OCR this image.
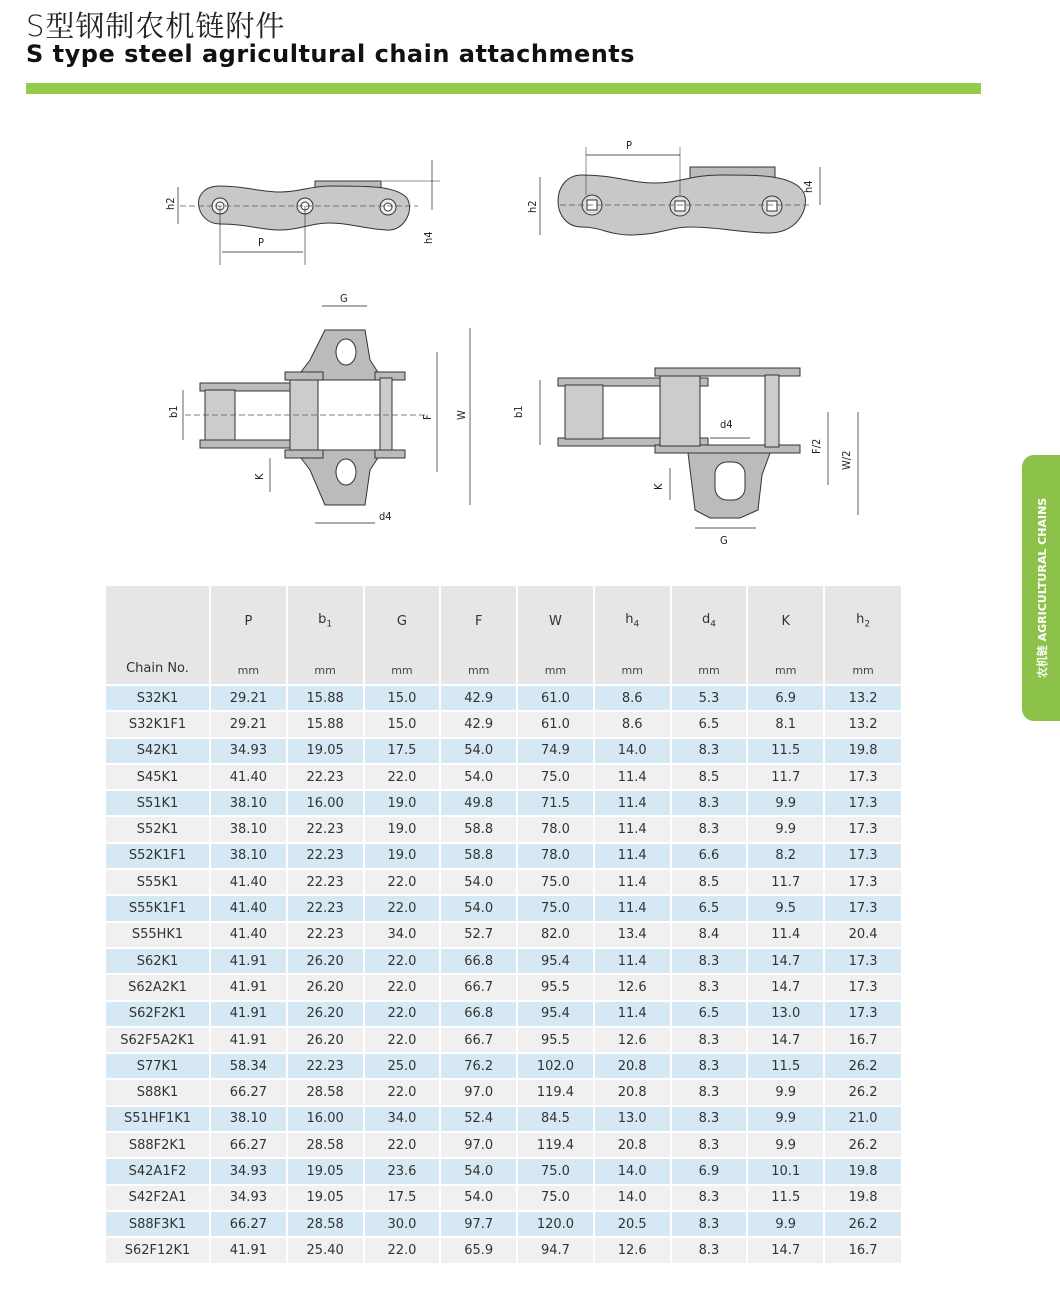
S型钢制农机链附件
S type steel agricultural chain attachments
农机链 AGRICULTURAL CHAINS
P
h2
h4
P
h2
h4
G
W
F
b1
K
d4
b1
d4
F/2
W/2
K
G
Chain No.	P	$b_1$	G	F	W	$h_4$	$d_4$	K	$h_2$
	mm	mm	mm	mm	mm	mm	mm	mm	mm
S32K1	29.21	15.88	15.0	42.9	61.0	8.6	5.3	6.9	13.2
S32K1F1	29.21	15.88	15.0	42.9	61.0	8.6	6.5	8.1	13.2
S42K1	34.93	19.05	17.5	54.0	74.9	14.0	8.3	11.5	19.8
S45K1	41.40	22.23	22.0	54.0	75.0	11.4	8.5	11.7	17.3
S51K1	38.10	16.00	19.0	49.8	71.5	11.4	8.3	9.9	17.3
S52K1	38.10	22.23	19.0	58.8	78.0	11.4	8.3	9.9	17.3
S52K1F1	38.10	22.23	19.0	58.8	78.0	11.4	6.6	8.2	17.3
S55K1	41.40	22.23	22.0	54.0	75.0	11.4	8.5	11.7	17.3
S55K1F1	41.40	22.23	22.0	54.0	75.0	11.4	6.5	9.5	17.3
S55HK1	41.40	22.23	34.0	52.7	82.0	13.4	8.4	11.4	20.4
S62K1	41.91	26.20	22.0	66.8	95.4	11.4	8.3	14.7	17.3
S62A2K1	41.91	26.20	22.0	66.7	95.5	12.6	8.3	14.7	17.3
S62F2K1	41.91	26.20	22.0	66.8	95.4	11.4	6.5	13.0	17.3
S62F5A2K1	41.91	26.20	22.0	66.7	95.5	12.6	8.3	14.7	16.7
S77K1	58.34	22.23	25.0	76.2	102.0	20.8	8.3	11.5	26.2
S88K1	66.27	28.58	22.0	97.0	119.4	20.8	8.3	9.9	26.2
S51HF1K1	38.10	16.00	34.0	52.4	84.5	13.0	8.3	9.9	21.0
S88F2K1	66.27	28.58	22.0	97.0	119.4	20.8	8.3	9.9	26.2
S42A1F2	34.93	19.05	23.6	54.0	75.0	14.0	6.9	10.1	19.8
S42F2A1	34.93	19.05	17.5	54.0	75.0	14.0	8.3	11.5	19.8
S88F3K1	66.27	28.58	30.0	97.7	120.0	20.5	8.3	9.9	26.2
S62F12K1	41.91	25.40	22.0	65.9	94.7	12.6	8.3	14.7	16.7
